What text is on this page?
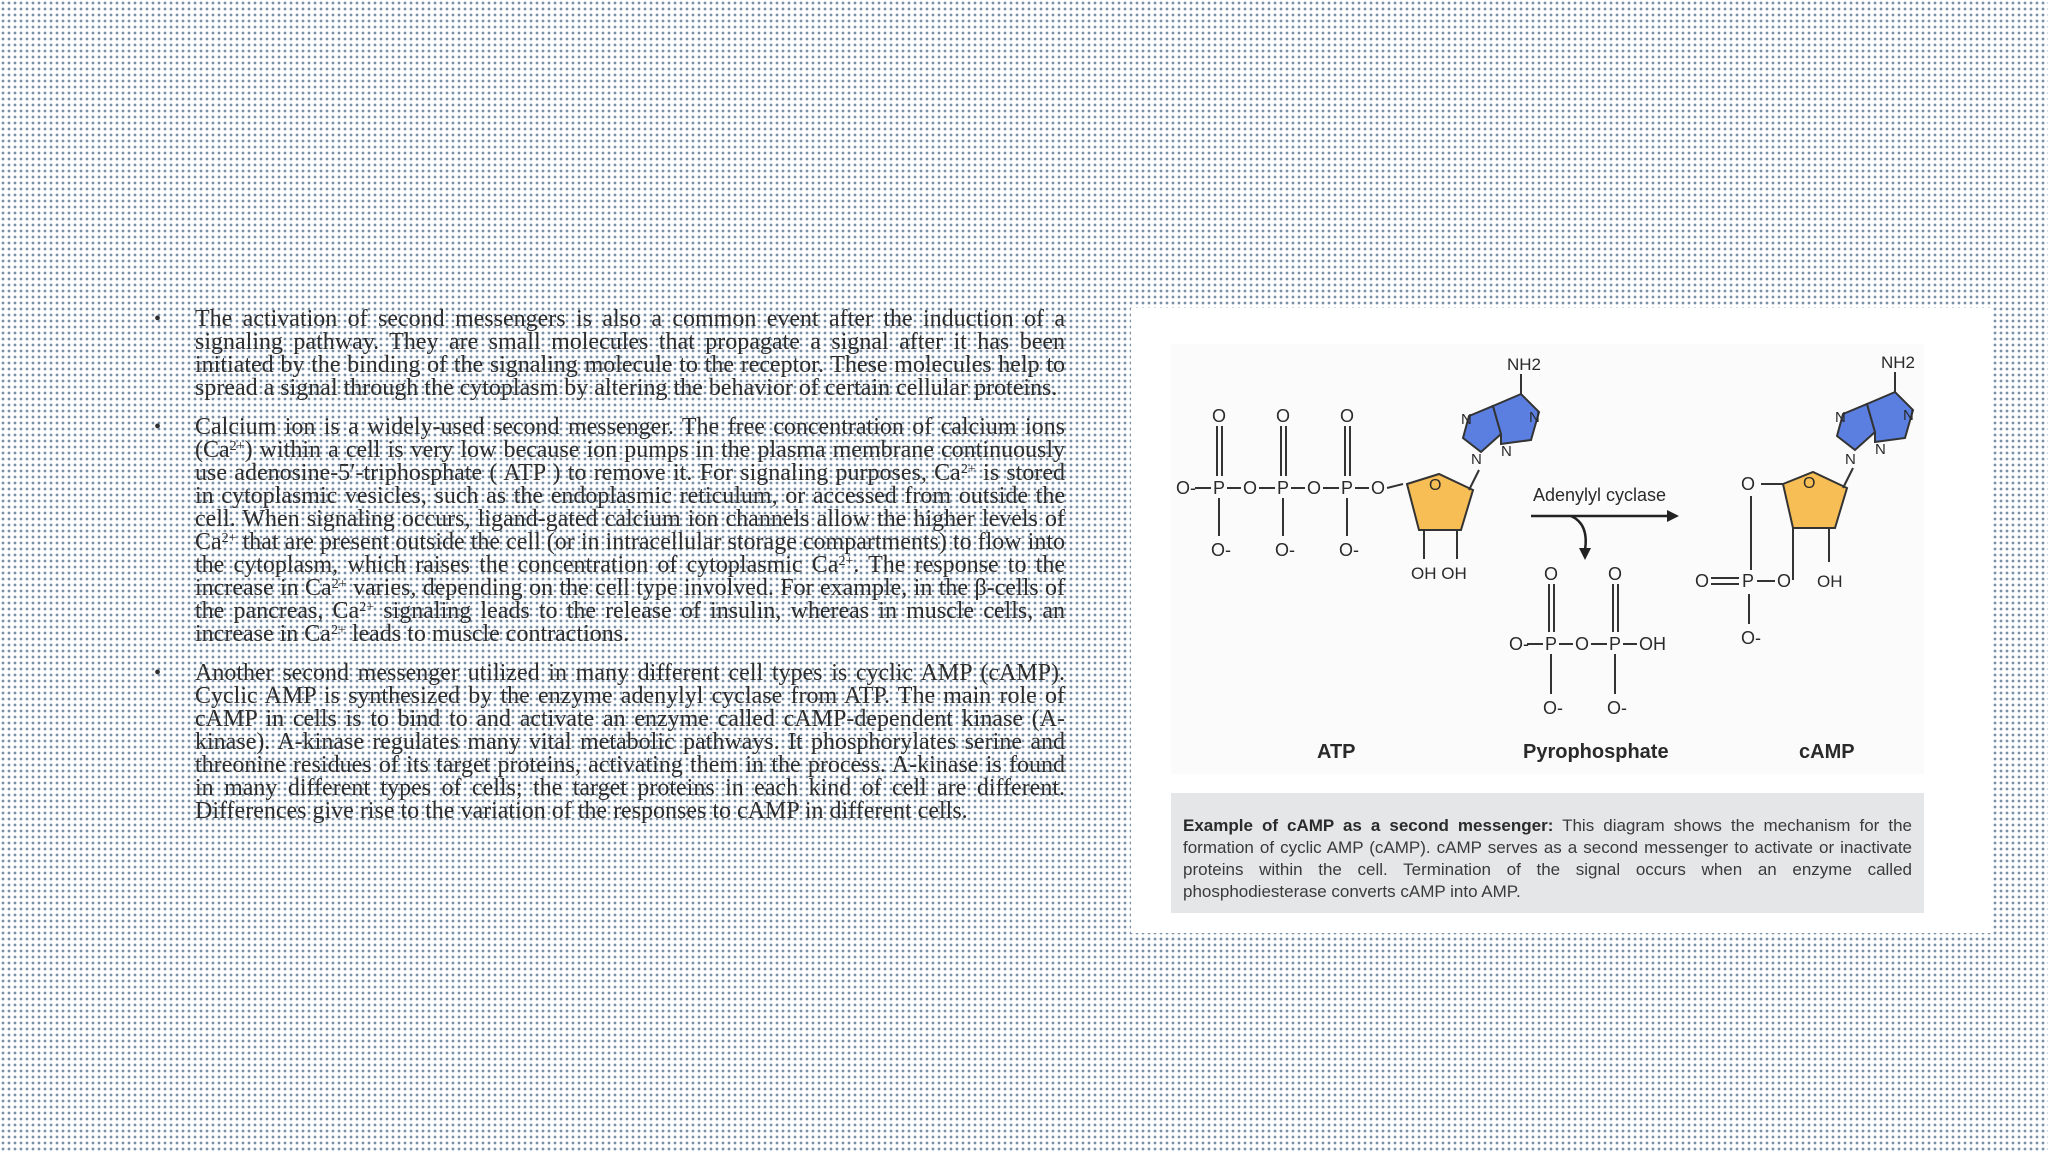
• The activation of second messengers is also a common event after the induction of a signaling pathway. They are small molecules that propagate a signal after it has been initiated by the binding of the signaling molecule to the receptor. These molecules help to spread a signal through the cytoplasm by altering the behavior of certain cellular proteins.

• Calcium ion is a widely-used second messenger. The free concentration of calcium ions $(Ca^{2+})$ within a cell is very low because ion pumps in the plasma membrane continuously use adenosine-5′-triphosphate ( ATP ) to remove it. For signaling purposes, $Ca^{2+}$ is stored in cytoplasmic vesicles, such as the endoplasmic reticulum, or accessed from outside the cell. When signaling occurs, ligand-gated calcium ion channels allow the higher levels of $Ca^{2+}$ that are present outside the cell (or in intracellular storage compartments) to flow into the cytoplasm, which raises the concentration of cytoplasmic $Ca^{2+}$. The response to the increase in $Ca^{2+}$ varies, depending on the cell type involved. For example, in the β-cells of the pancreas, $Ca^{2+}$ signaling leads to the release of insulin, whereas in muscle cells, an increase in $Ca^{2+}$ leads to muscle contractions.

• Another second messenger utilized in many different cell types is cyclic AMP (cAMP). Cyclic AMP is synthesized by the enzyme adenylyl cyclase from ATP. The main role of cAMP in cells is to bind to and activate an enzyme called cAMP-dependent kinase (A-kinase). A-kinase regulates many vital metabolic pathways. It phosphorylates serine and threonine residues of its target proteins, activating them in the process. A-kinase is found in many different types of cells; the target proteins in each kind of cell are different. Differences give rise to the variation of the responses to cAMP in different cells.

O- P O P O P O
O	O	O
O- O- O-
O
OH OH
N	N
N
N
NH2
Adenylyl cyclase
O- P O P OH
O	O
O- O-
O
O
O P O OH
O-
N	N
N
N
NH2
ATP	Pyrophosphate	cAMP

Example of cAMP as a second messenger: This diagram shows the mechanism for the formation of cyclic AMP (cAMP). cAMP serves as a second messenger to activate or inactivate proteins within the cell. Termination of the signal occurs when an enzyme called phosphodiesterase converts cAMP into AMP.
